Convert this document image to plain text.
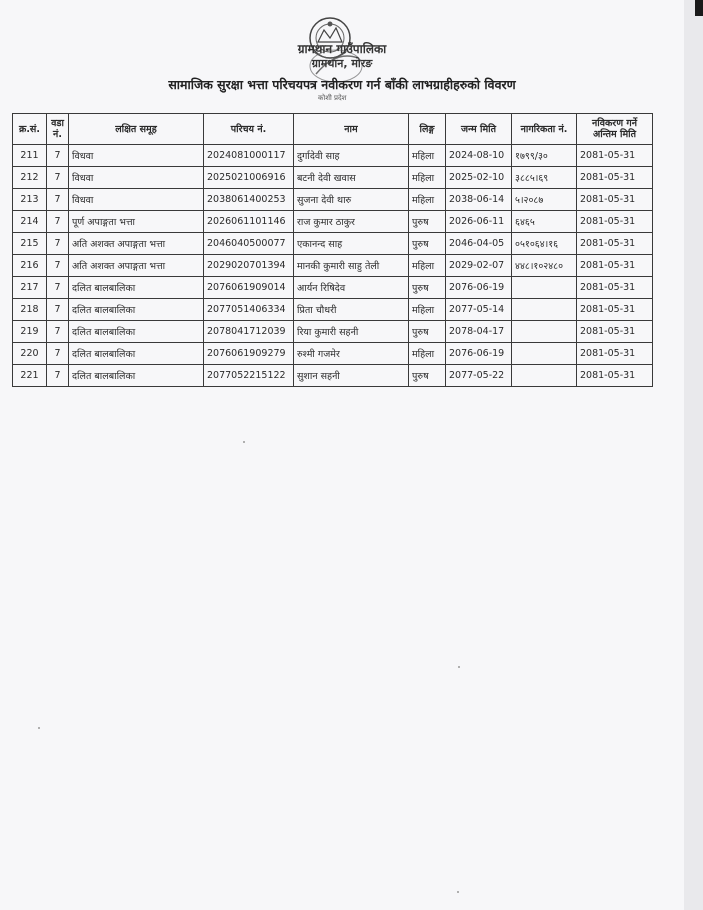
ग्रामथान गाउँपालिका
ग्रामथान, मोरङ
कोशी प्रदेश
सामाजिक सुरक्षा भत्ता परिचयपत्र नवीकरण गर्न बाँकी लाभग्राहीहरुको विवरण
क्र.सं.	वडा नं.	लक्षित समूह	परिचय नं.	नाम	लिङ्ग	जन्म मिति	नागरिकता नं.	नविकरण गर्ने अन्तिम मिति
211	7	विधवा	2024081000117	दुर्गादेवी साह	महिला	2024-08-10	१७९९/३०	2081-05-31
212	7	विधवा	2025021006916	बटनी देवी खवास	महिला	2025-02-10	३८८५।६९	2081-05-31
213	7	विधवा	2038061400253	सुजना देवी थारु	महिला	2038-06-14	५।२०८७	2081-05-31
214	7	पूर्ण अपाङ्गता भत्ता	2026061101146	राज कुमार ठाकुर	पुरुष	2026-06-11	६४६५	2081-05-31
215	7	अति अशक्त अपाङ्गता भत्ता	2046040500077	एकानन्द साह	पुरुष	2046-04-05	०५१०६४।१६	2081-05-31
216	7	अति अशक्त अपाङ्गता भत्ता	2029020701394	मानकी कुमारी साहु तेली	महिला	2029-02-07	४४८।१०२४८०	2081-05-31
217	7	दलित बालबालिका	2076061909014	आर्यन रिषिदेव	पुरुष	2076-06-19		2081-05-31
218	7	दलित बालबालिका	2077051406334	प्रिता चौधरी	महिला	2077-05-14		2081-05-31
219	7	दलित बालबालिका	2078041712039	रिया कुमारी सहनी	पुरुष	2078-04-17		2081-05-31
220	7	दलित बालबालिका	2076061909279	रुश्मी गजमेर	महिला	2076-06-19		2081-05-31
221	7	दलित बालबालिका	2077052215122	सुशान सहनी	पुरुष	2077-05-22		2081-05-31
